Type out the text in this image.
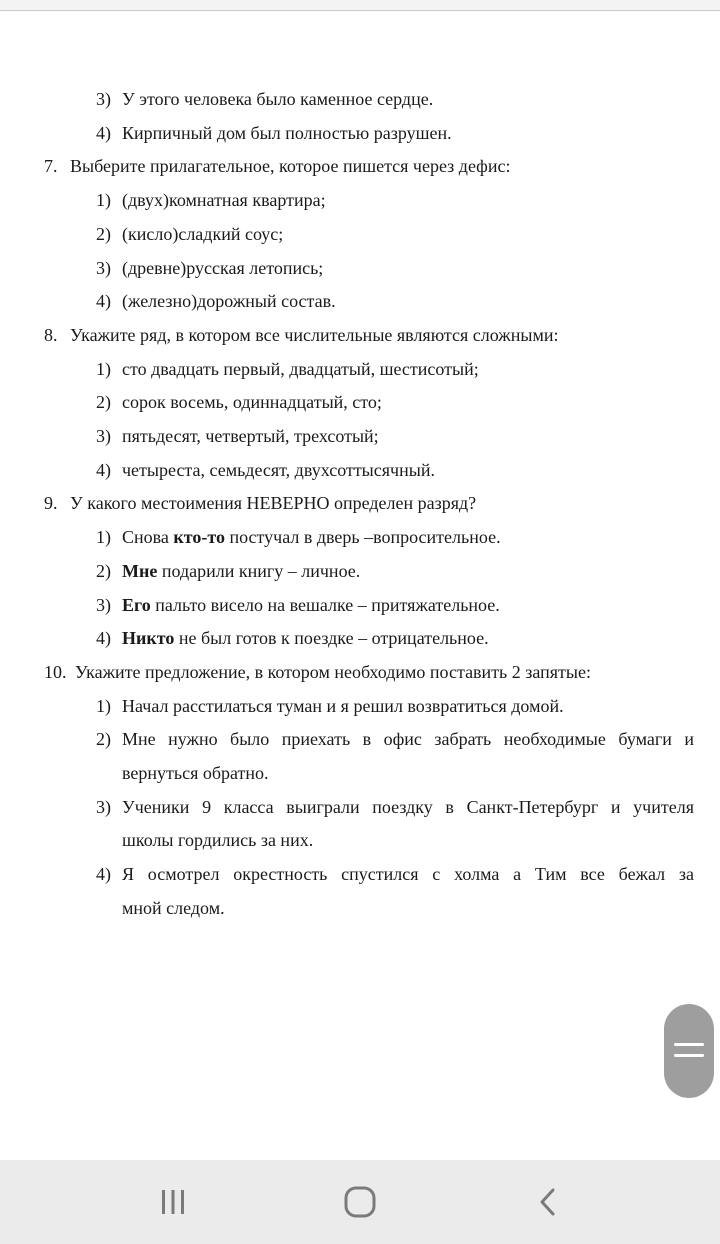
3) У этого человека было каменное сердце.
4) Кирпичный дом был полностью разрушен.
7. Выберите прилагательное, которое пишется через дефис:
1) (двух)комнатная квартира;
2) (кисло)сладкий соус;
3) (древне)русская летопись;
4) (железно)дорожный состав.
8. Укажите ряд, в котором все числительные являются сложными:
1) сто двадцать первый, двадцатый, шестисотый;
2) сорок восемь, одиннадцатый, сто;
3) пятьдесят, четвертый, трехсотый;
4) четыреста, семьдесят, двухсоттысячный.
9. У какого местоимения НЕВЕРНО определен разряд?
1) Снова кто-то постучал в дверь –вопросительное.
2) Мне подарили книгу – личное.
3) Его пальто висело на вешалке – притяжательное.
4) Никто не был готов к поездке – отрицательное.
10. Укажите предложение, в котором необходимо поставить 2 запятые:
1) Начал расстилаться туман и я решил возвратиться домой.
2) Мне нужно было приехать в офис забрать необходимые бумаги и
вернуться обратно.
3) Ученики 9 класса выиграли поездку в Санкт-Петербург и учителя
школы гордились за них.
4) Я осмотрел окрестность спустился с холма а Тим все бежал за
мной следом.
